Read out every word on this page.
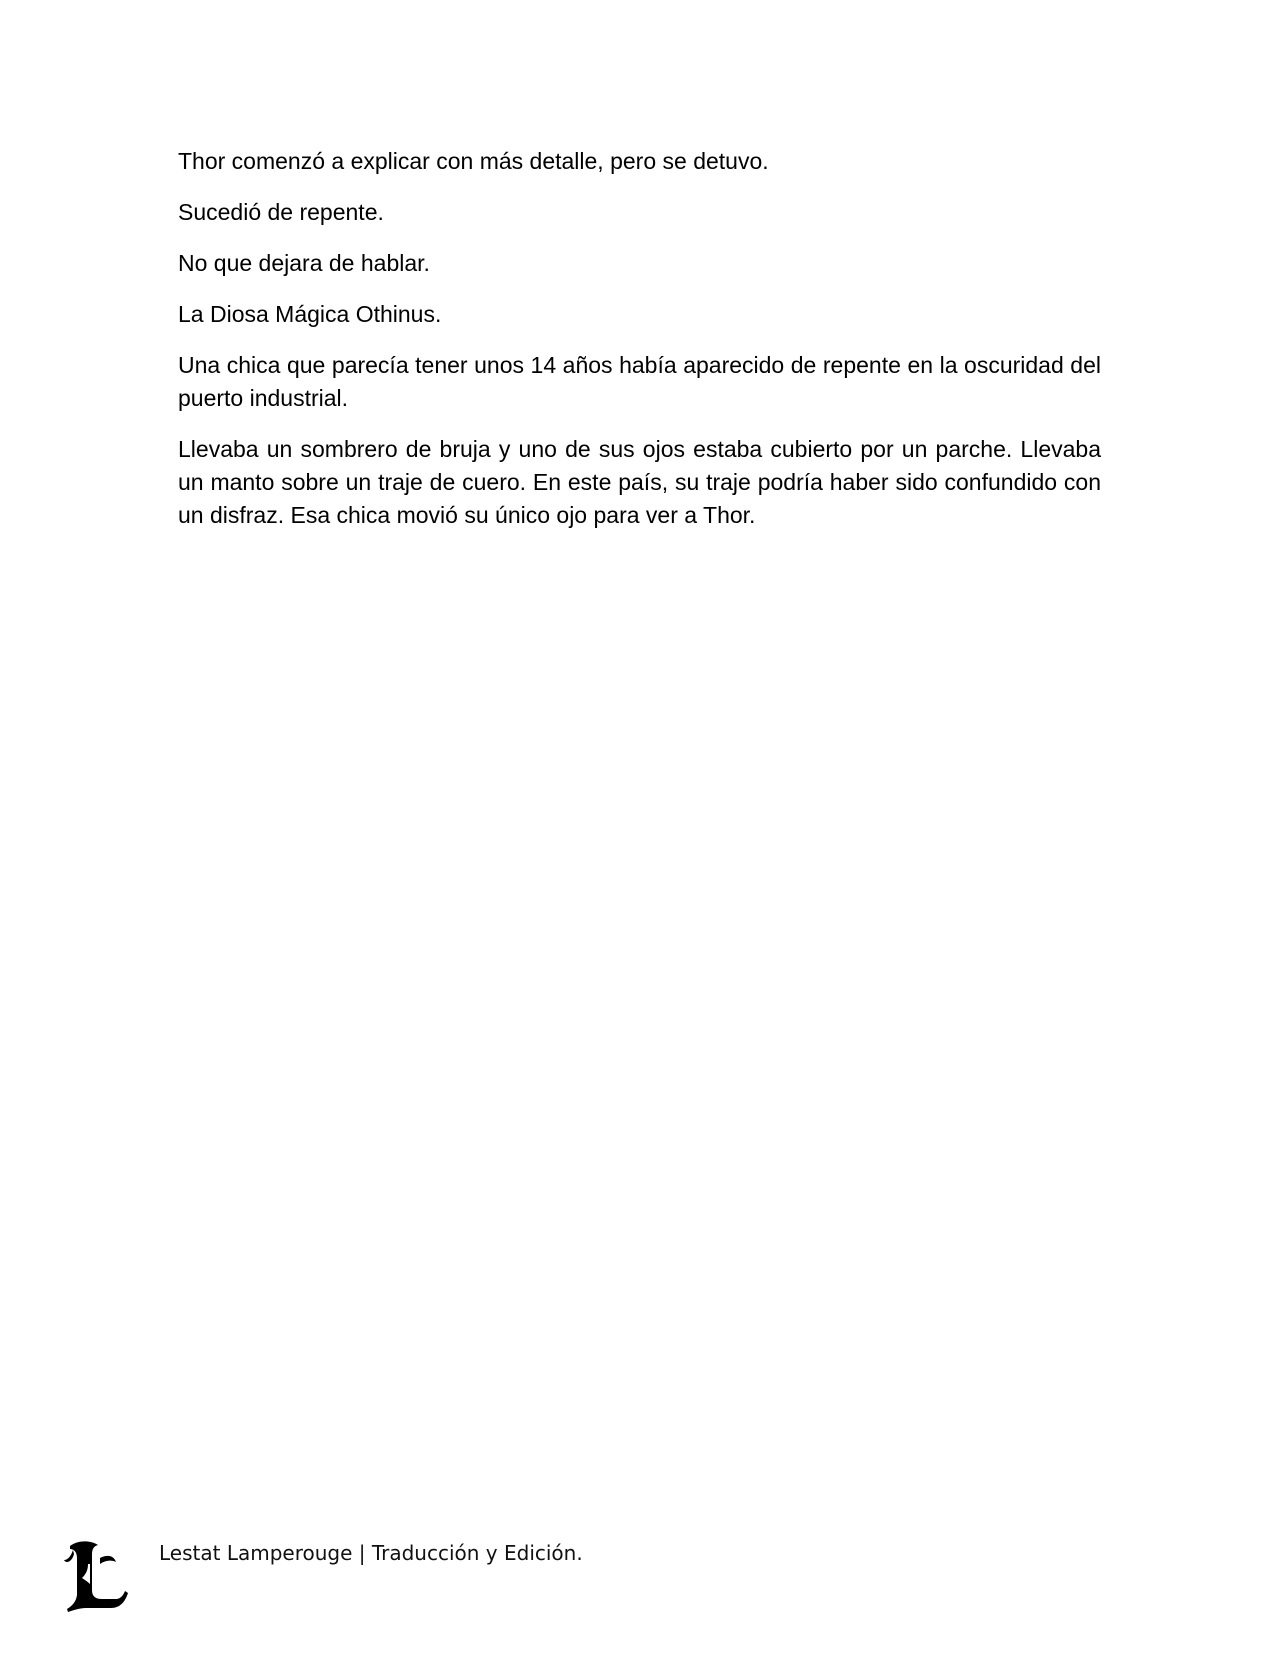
Thor comenzó a explicar con más detalle, pero se detuvo.

Sucedió de repente.

No que dejara de hablar.

La Diosa Mágica Othinus.

Una chica que parecía tener unos 14 años había aparecido de repente en la oscuridad del puerto industrial.

Llevaba un sombrero de bruja y uno de sus ojos estaba cubierto por un parche. Llevaba un manto sobre un traje de cuero. En este país, su traje podría haber sido confundido con un disfraz. Esa chica movió su único ojo para ver a Thor.

Lestat Lamperouge | Traducción y Edición.
